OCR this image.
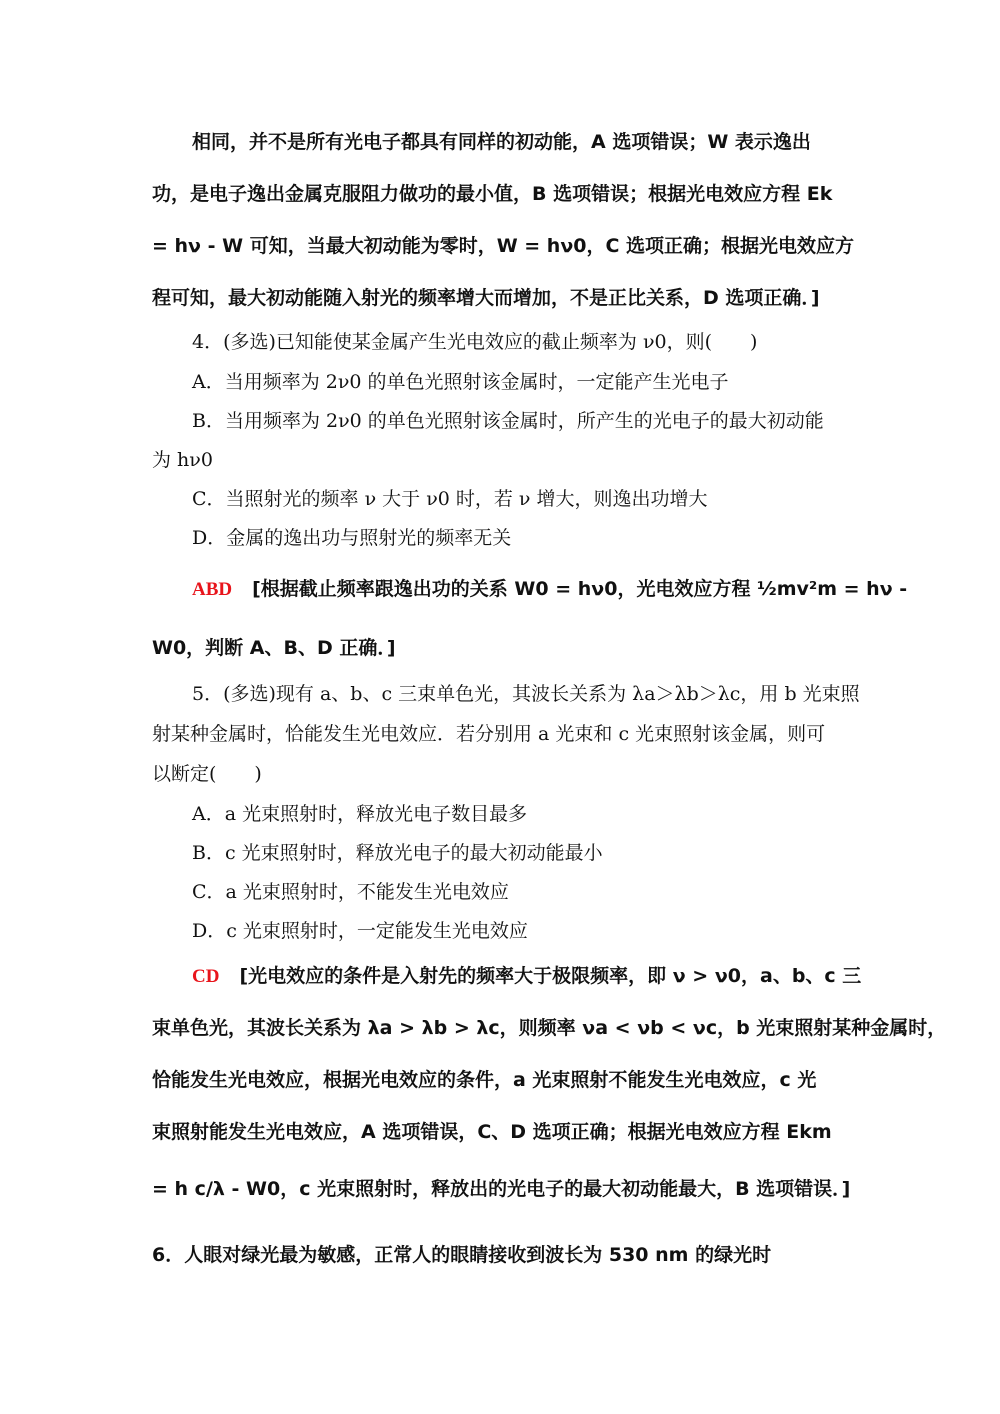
相同，并不是所有光电子都具有同样的初动能，A 选项错误；W 表示逸出
功，是电子逸出金属克服阻力做功的最小值，B 选项错误；根据光电效应方程 Ek
= hν - W 可知，当最大初动能为零时，W = hν0，C 选项正确；根据光电效应方
程可知，最大初动能随入射光的频率增大而增加，不是正比关系，D 选项正确．]
4．(多选)已知能使某金属产生光电效应的截止频率为 ν0，则(　　)
A．当用频率为 2ν0 的单色光照射该金属时，一定能产生光电子
B．当用频率为 2ν0 的单色光照射该金属时，所产生的光电子的最大初动能
为 hν0
C．当照射光的频率 ν 大于 ν0 时，若 ν 增大，则逸出功增大
D．金属的逸出功与照射光的频率无关
ABD [根据截止频率跟逸出功的关系 W0 = hν0，光电效应方程 ½mv²m = hν -
W0，判断 A、B、D 正确．]
5．(多选)现有 a、b、c 三束单色光，其波长关系为 λa＞λb＞λc，用 b 光束照
射某种金属时，恰能发生光电效应．若分别用 a 光束和 c 光束照射该金属，则可
以断定(　　)
A．a 光束照射时，释放光电子数目最多
B．c 光束照射时，释放光电子的最大初动能最小
C．a 光束照射时，不能发生光电效应
D．c 光束照射时，一定能发生光电效应
CD [光电效应的条件是入射先的频率大于极限频率，即 ν > ν0，a、b、c 三
束单色光，其波长关系为 λa > λb > λc，则频率 νa < νb < νc，b 光束照射某种金属时，
恰能发生光电效应，根据光电效应的条件，a 光束照射不能发生光电效应，c 光
束照射能发生光电效应，A 选项错误，C、D 选项正确；根据光电效应方程 Ekm
= h c/λ - W0，c 光束照射时，释放出的光电子的最大初动能最大，B 选项错误．]
6．人眼对绿光最为敏感，正常人的眼睛接收到波长为 530 nm 的绿光时
